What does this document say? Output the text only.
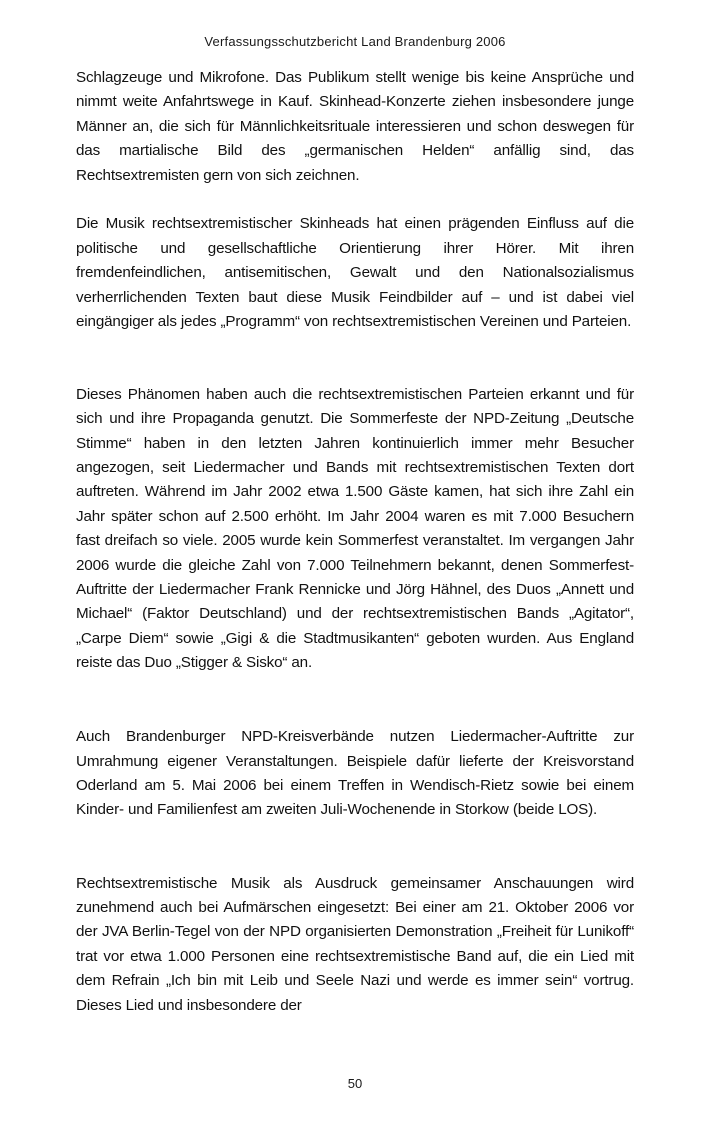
Verfassungsschutzbericht Land Brandenburg 2006

Schlagzeuge und Mikrofone. Das Publikum stellt wenige bis keine Ansprüche und nimmt weite Anfahrtswege in Kauf. Skinhead-Konzerte ziehen insbesondere junge Männer an, die sich für Männlichkeitsrituale interessieren und schon deswegen für das martialische Bild des „germanischen Helden“ anfällig sind, das Rechtsextremisten gern von sich zeichnen.

Die Musik rechtsextremistischer Skinheads hat einen prägenden Einfluss auf die politische und gesellschaftliche Orientierung ihrer Hörer. Mit ihren fremdenfeindlichen, antisemitischen, Gewalt und den Nationalsozialismus verherrlichenden Texten baut diese Musik Feindbilder auf – und ist dabei viel eingängiger als jedes „Programm“ von rechtsextremistischen Vereinen und Parteien.

Dieses Phänomen haben auch die rechtsextremistischen Parteien erkannt und für sich und ihre Propaganda genutzt. Die Sommerfeste der NPD-Zeitung „Deutsche Stimme“ haben in den letzten Jahren kontinuierlich immer mehr Besucher angezogen, seit Liedermacher und Bands mit rechtsextremistischen Texten dort auftreten. Während im Jahr 2002 etwa 1.500 Gäste kamen, hat sich ihre Zahl ein Jahr später schon auf 2.500 erhöht. Im Jahr 2004 waren es mit 7.000 Besuchern fast dreifach so viele. 2005 wurde kein Sommerfest veranstaltet. Im vergangen Jahr 2006 wurde die gleiche Zahl von 7.000 Teilnehmern bekannt, denen Sommerfest-Auftritte der Liedermacher Frank Rennicke und Jörg Hähnel, des Duos „Annett und Michael“ (Faktor Deutschland) und der rechtsextremistischen Bands „Agitator“, „Carpe Diem“ sowie „Gigi & die Stadtmusikanten“ geboten wurden. Aus England reiste das Duo „Stigger & Sisko“ an.

Auch Brandenburger NPD-Kreisverbände nutzen Liedermacher-Auftritte zur Umrahmung eigener Veranstaltungen. Beispiele dafür lieferte der Kreisvorstand Oderland am 5. Mai 2006 bei einem Treffen in Wendisch-Rietz sowie bei einem Kinder- und Familienfest am zweiten Juli-Wochenende in Storkow (beide LOS).

Rechtsextremistische Musik als Ausdruck gemeinsamer Anschauungen wird zunehmend auch bei Aufmärschen eingesetzt: Bei einer am 21. Oktober 2006 vor der JVA Berlin-Tegel von der NPD organisierten Demonstration „Freiheit für Lunikoff“ trat vor etwa 1.000 Personen eine rechtsextremistische Band auf, die ein Lied mit dem Refrain „Ich bin mit Leib und Seele Nazi und werde es immer sein“ vortrug. Dieses Lied und insbesondere der

50
